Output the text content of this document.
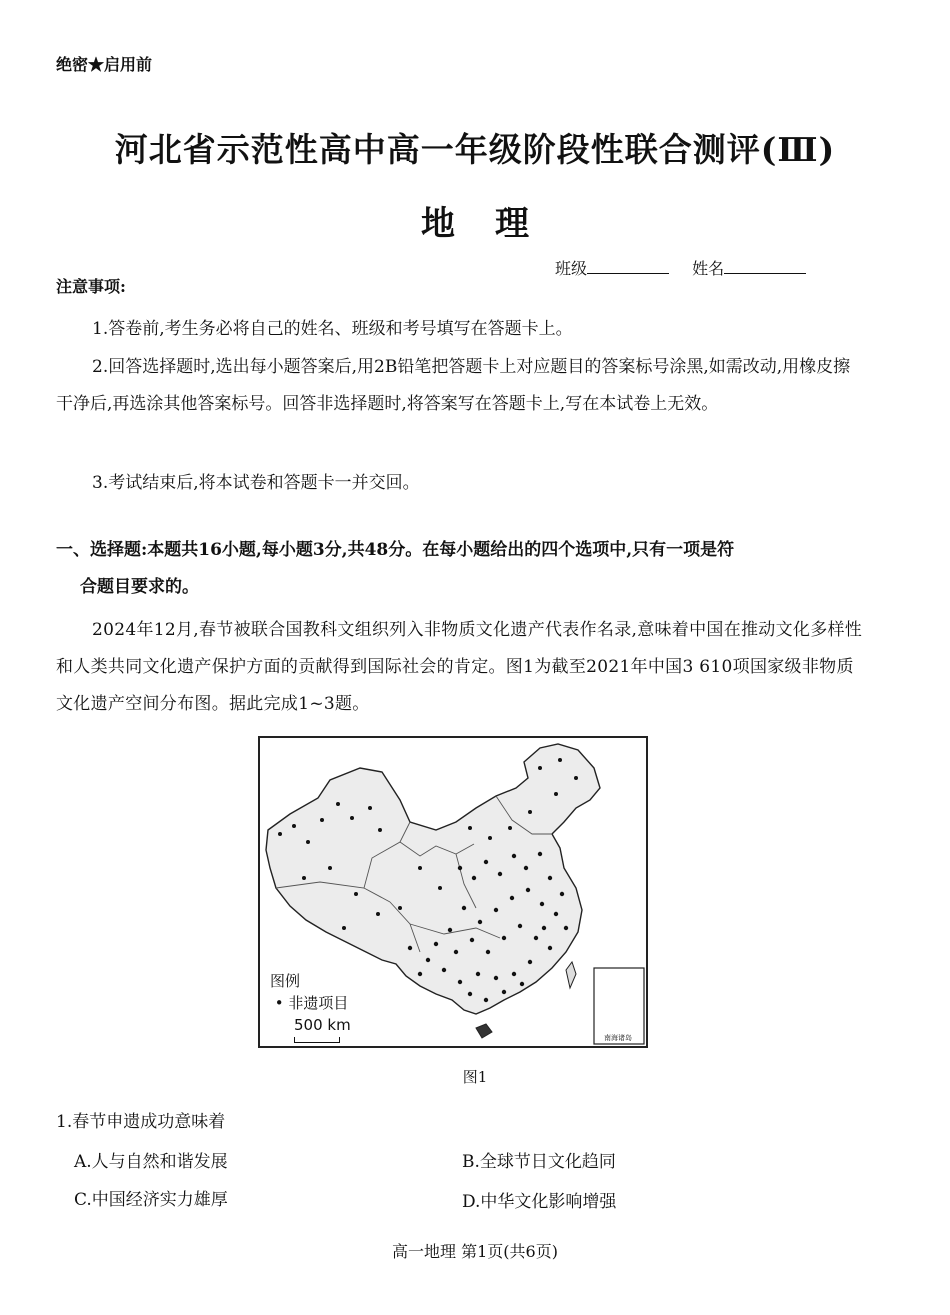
绝密★启用前
河北省示范性高中高一年级阶段性联合测评(Ⅲ)
地理
班级	姓名
注意事项:
1.答卷前,考生务必将自己的姓名、班级和考号填写在答题卡上。
2.回答选择题时,选出每小题答案后,用2B铅笔把答题卡上对应题目的答案标号涂黑,如需改动,用橡皮擦干净后,再选涂其他答案标号。回答非选择题时,将答案写在答题卡上,写在本试卷上无效。
3.考试结束后,将本试卷和答题卡一并交回。
一、选择题:本题共16小题,每小题3分,共48分。在每小题给出的四个选项中,只有一项是符
合题目要求的。
2024年12月,春节被联合国教科文组织列入非物质文化遗产代表作名录,意味着中国在推动文化多样性和人类共同文化遗产保护方面的贡献得到国际社会的肯定。图1为截至2021年中国3 610项国家级非物质文化遗产空间分布图。据此完成1~3题。
南海诸岛
图例
• 非遗项目
500 km
图1
1.春节申遗成功意味着
A.人与自然和谐发展	B.全球节日文化趋同
C.中国经济实力雄厚	D.中华文化影响增强
高一地理 第1页(共6页)
